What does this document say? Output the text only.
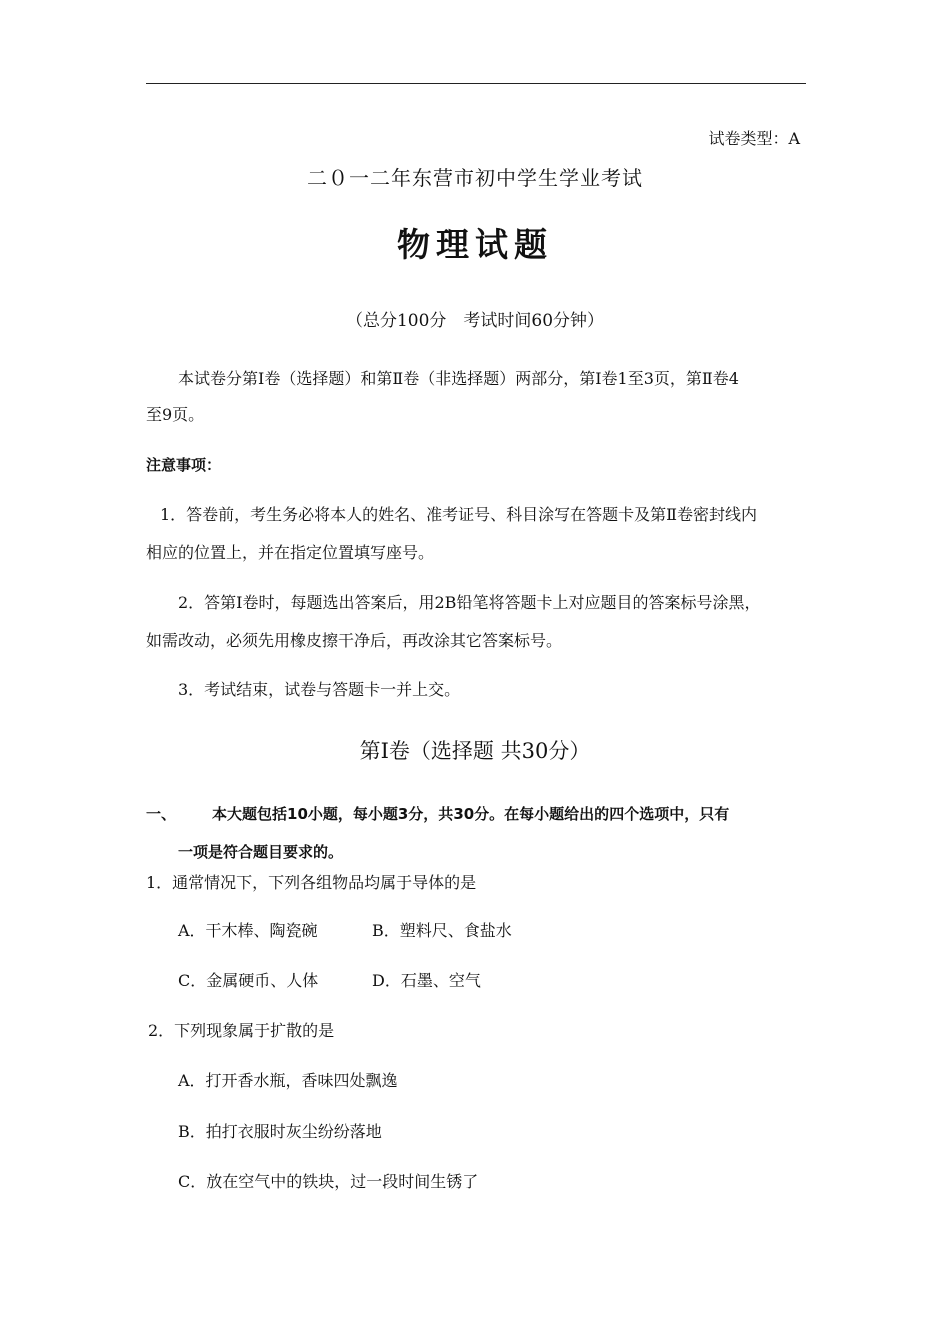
试卷类型：A
二０一二年东营市初中学生学业考试
物理试题
（总分100分　考试时间60分钟）
本试卷分第Ⅰ卷（选择题）和第Ⅱ卷（非选择题）两部分，第Ⅰ卷1至3页，第Ⅱ卷4
至9页。
注意事项：
1．答卷前，考生务必将本人的姓名、准考证号、科目涂写在答题卡及第Ⅱ卷密封线内
相应的位置上，并在指定位置填写座号。
2．答第Ⅰ卷时，每题选出答案后，用2B铅笔将答题卡上对应题目的答案标号涂黑，
如需改动，必须先用橡皮擦干净后，再改涂其它答案标号。
3．考试结束，试卷与答题卡一并上交。
第Ⅰ卷（选择题 共30分）
一、 本大题包括10小题，每小题3分，共30分。在每小题给出的四个选项中，只有
一项是符合题目要求的。
1．通常情况下，下列各组物品均属于导体的是
A．干木棒、陶瓷碗	B．塑料尺、食盐水
C．金属硬币、人体	D．石墨、空气
2．下列现象属于扩散的是
A．打开香水瓶，香味四处飘逸
B．拍打衣服时灰尘纷纷落地
C．放在空气中的铁块，过一段时间生锈了
